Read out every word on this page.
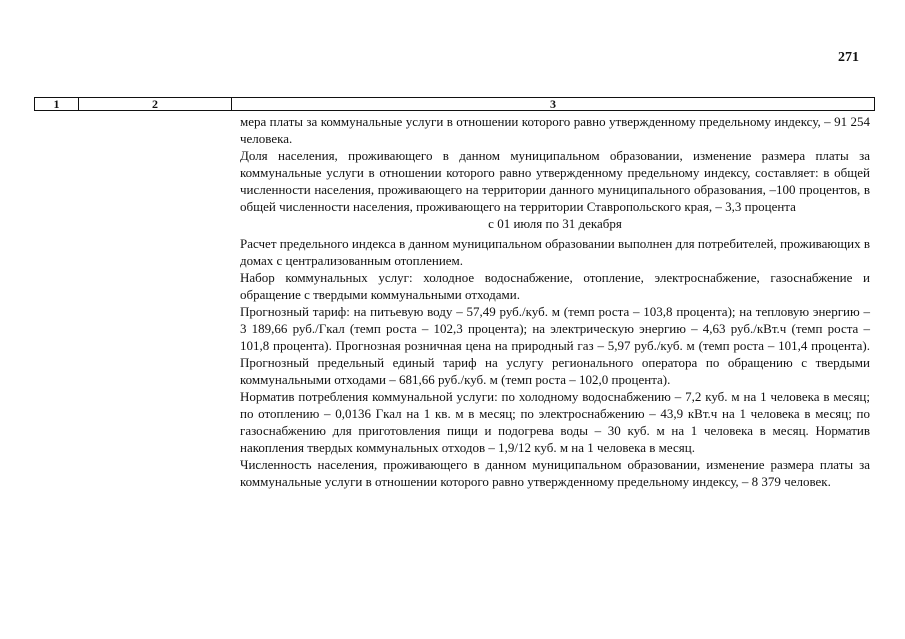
271
1	2	3

мера платы за коммунальные услуги в отношении которого равно утвержденному предельному индексу, – 91 254 человека.

Доля населения, проживающего в данном муниципальном образовании, изменение размера платы за коммунальные услуги в отношении которого равно утвержденному предельному индексу, составляет: в общей численности населения, проживающего на территории данного муниципального образования, –100 процентов, в общей численности населения, проживающего на территории Ставропольского края, – 3,3 процента

с 01 июля по 31 декабря

Расчет предельного индекса в данном муниципальном образовании выполнен для потребителей, проживающих в домах с централизованным отоплением.

Набор коммунальных услуг: холодное водоснабжение, отопление, электроснабжение, газоснабжение и обращение с твердыми коммунальными отходами.

Прогнозный тариф: на питьевую воду – 57,49 руб./куб. м (темп роста – 103,8 процента); на тепловую энергию – 3 189,66 руб./Гкал (темп роста – 102,3 процента); на электрическую энергию – 4,63 руб./кВт.ч (темп роста – 101,8 процента). Прогнозная розничная цена на природный газ – 5,97 руб./куб. м (темп роста – 101,4 процента). Прогнозный предельный единый тариф на услугу регионального оператора по обращению с твердыми коммунальными отходами – 681,66 руб./куб. м (темп роста – 102,0 процента).

Норматив потребления коммунальной услуги: по холодному водоснабжению – 7,2 куб. м на 1 человека в месяц; по отоплению – 0,0136 Гкал на 1 кв. м в месяц; по электроснабжению – 43,9 кВт.ч на 1 человека в месяц; по газоснабжению для приготовления пищи и подогрева воды – 30 куб. м на 1 человека в месяц. Норматив накопления твердых коммунальных отходов – 1,9/12 куб. м на 1 человека в месяц.

Численность населения, проживающего в данном муниципальном образовании, изменение размера платы за коммунальные услуги в отношении которого равно утвержденному предельному индексу, – 8 379 человек.
